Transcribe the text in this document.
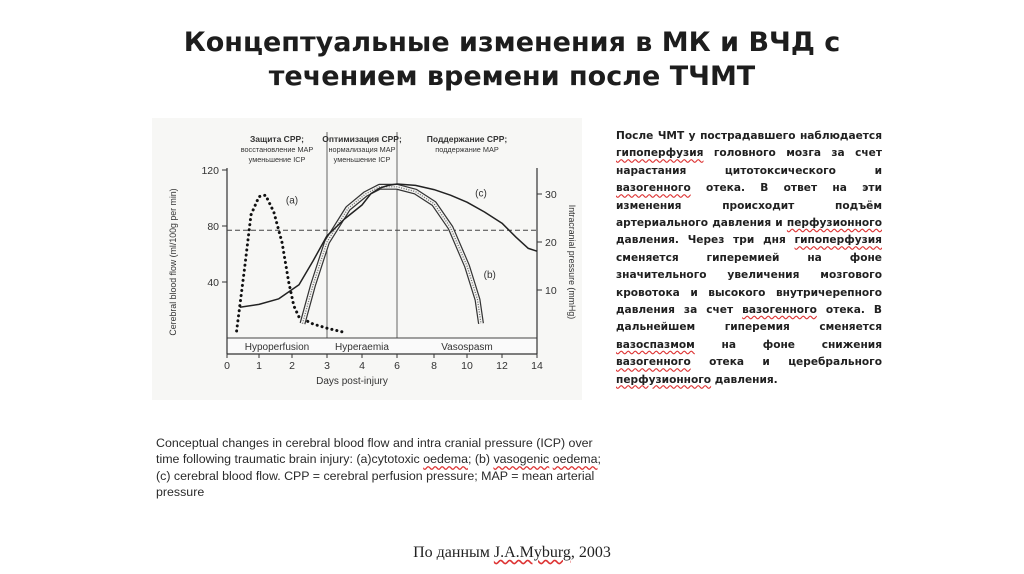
Концептуальные изменения в МК и ВЧД с
течением времени после ТЧМТ
Hypoperfusion	Hyperaemia	Vasospasm
Защита CPP;
восстановление MAP
уменьшение ICP
Оптимизация CPP;
нормализация MAP
уменьшение ICP
Поддержание CPP;
поддержание MAP
40
80
120
10
20
30
0 1	2	3	4	6	8 10 12 14
Days post-injury
Cerebral blood flow (ml/100g per min)	Intracranial pressure (mmHg)
(a)
(b)
(c)
После ЧМТ у пострадавшего наблюдается гипоперфузия головного мозга за счет нарастания цитотоксического и вазогенного отека. В ответ на эти изменения происходит подъём артериального давления и перфузионного давления. Через три дня гипоперфузия сменяется гиперемией на фоне значительного увеличения мозгового кровотока и высокого внутричерепного давления за счет вазогенного отека. В дальнейшем гиперемия сменяется вазоспазмом на фоне снижения вазогенного отека и церебрального перфузионного давления.
Conceptual changes in cerebral blood flow and intra cranial pressure (ICP) over time following traumatic brain injury: (a)cytotoxic oedema; (b) vasogenic oedema; (c) cerebral blood flow. CPP = cerebral perfusion pressure; MAP = mean arterial pressure
По данным J.A.Myburg, 2003
